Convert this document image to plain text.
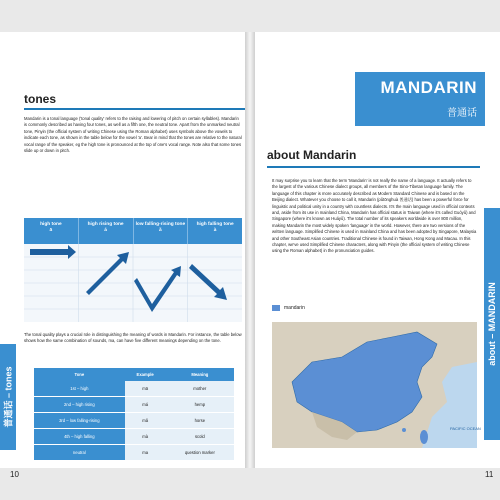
tones
Mandarin is a tonal language ('tonal quality' refers to the raising and lowering of pitch on certain syllables). Mandarin is commonly described as having four tones, as well as a fifth one, the neutral tone. Apart from the unmarked neutral tone, Pinyin (the official system of writing Chinese using the Roman alphabet) uses symbols above the vowels to indicate each tone, as shown in the table below for the vowel 'a'. Bear in mind that the tones are relative to the natural vocal range of the speaker, eg the high tone is pronounced at the top of one's vocal range. Note also that some tones slide up or down in pitch.
high tone
ā
high rising tone
á
low falling-rising tone
ǎ
high falling tone
à
The tonal quality plays a crucial role in distinguishing the meaning of words in Mandarin. For instance, the table below shows how the same combination of sounds, ma, can have five different meanings depending on the tone.
Tone	Example	Meaning
1st – high	mā	mother
2nd – high rising	má	hemp
3rd – low falling-rising	mǎ	horse
4th – high falling	mà	scold
neutral	ma	question marker
普通话 – tones
10
MANDARIN
普通话
about Mandarin
It may surprise you to learn that the term 'Mandarin' is not really the name of a language. It actually refers to the largest of the various Chinese dialect groups, all members of the Sino-Tibetan language family. The language of this chapter is more accurately described as Modern Standard Chinese and is based on the Beijing dialect. Whatever you choose to call it, Mandarin (pǔtōnghuà 普通话) has been a powerful force for linguistic and political unity in a country with countless dialects. It's the main language used in official contexts and, aside from its use in mainland China, Mandarin has official status in Taiwan (where it's called Guóyǔ) and Singapore (where it's known as Huáyǔ). The total number of its speakers worldwide is over 800 million, making Mandarin the most widely spoken 'language' in the world. However, there are two versions of the written language. Simplified Chinese is used in mainland China and has been adopted by Singapore, Malaysia and other Southeast Asian countries. Traditional Chinese is found in Taiwan, Hong Kong and Macau. In this chapter, we've used Simplified Chinese characters, along with Pinyin (the official system of writing Chinese using the Roman alphabet) in the pronunciation guides.
mandarin
PACIFIC OCEAN
about – MANDARIN
11
